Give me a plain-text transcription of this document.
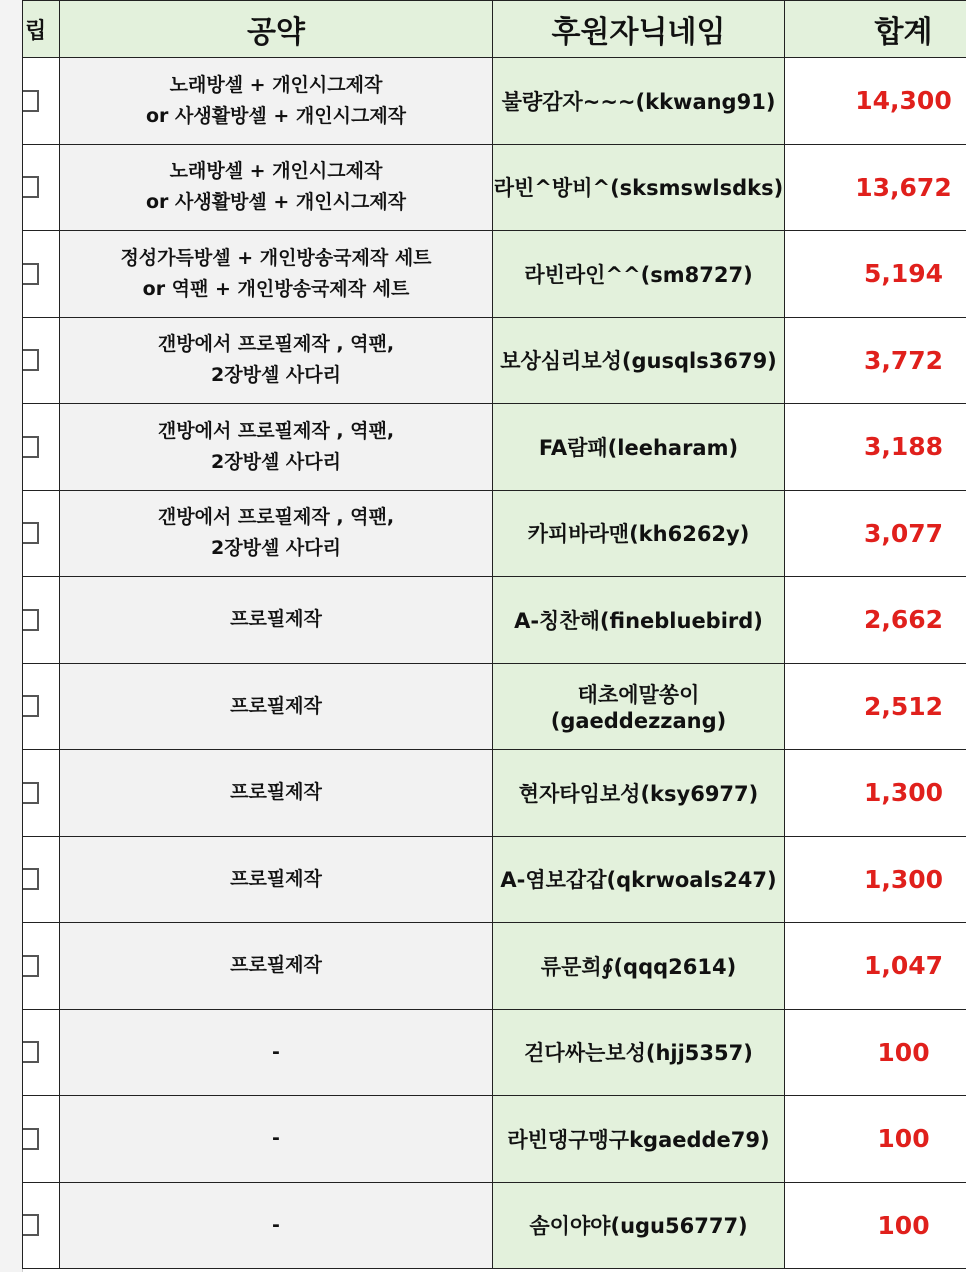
립	공약	후원자닉네임	합계

	노래방셀 + 개인시그제작
or 사생활방셀 + 개인시그제작	불량감자~~~(kkwang91)	14,300

	노래방셀 + 개인시그제작
or 사생활방셀 + 개인시그제작	라빈^방비^(sksmswlsdks)	13,672

	정성가득방셀 + 개인방송국제작 세트
or 역팬 + 개인방송국제작 세트	라빈라인^^(sm8727)	5,194

	갠방에서 프로필제작 , 역팬,
2장방셀 사다리	보상심리보성(gusqls3679)	3,772

	갠방에서 프로필제작 , 역팬,
2장방셀 사다리	FA람패(leeharam)	3,188

	갠방에서 프로필제작 , 역팬,
2장방셀 사다리	카피바라맨(kh6262y)	3,077

	프로필제작	A-칭찬해(finebluebird)	2,662

	프로필제작	태초에말쏭이(gaeddezzang)	2,512

	프로필제작	현자타임보성(ksy6977)	1,300

	프로필제작	A-염보갑갑(qkrwoals247)	1,300

	프로필제작	류문희∮(qqq2614)	1,047

	-	걷다싸는보성(hjj5357)	100

	-	라빈댕구맹구kgaedde79)	100

	-	솜이야야(ugu56777)	100
